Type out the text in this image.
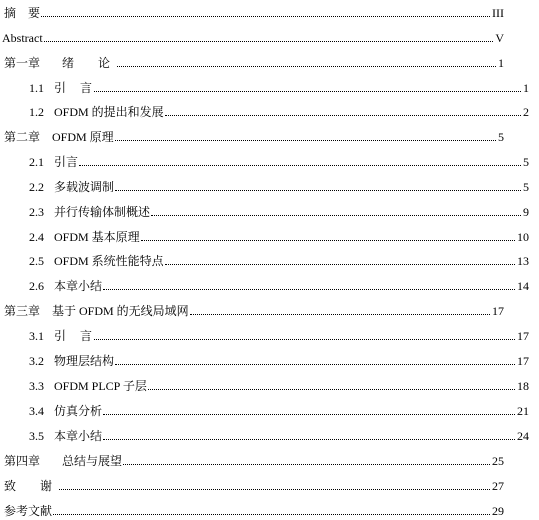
摘　要	III
Abstract	V
第一章	绪　论	1
1.1 引　言	1
1.2 OFDM 的提出和发展	2
第二章 OFDM 原理	5
2.1 引言	5
2.2 多载波调制	5
2.3 并行传输体制概述	9
2.4 OFDM 基本原理	10
2.5 OFDM 系统性能特点	13
2.6 本章小结	14
第三章 基于 OFDM 的无线局域网	17
3.1 引　言	17
3.2 物理层结构	17
3.3 OFDM PLCP 子层	18
3.4 仿真分析	21
3.5 本章小结	24
第四章	总结与展望	25
致　谢	27
参考文献	29
